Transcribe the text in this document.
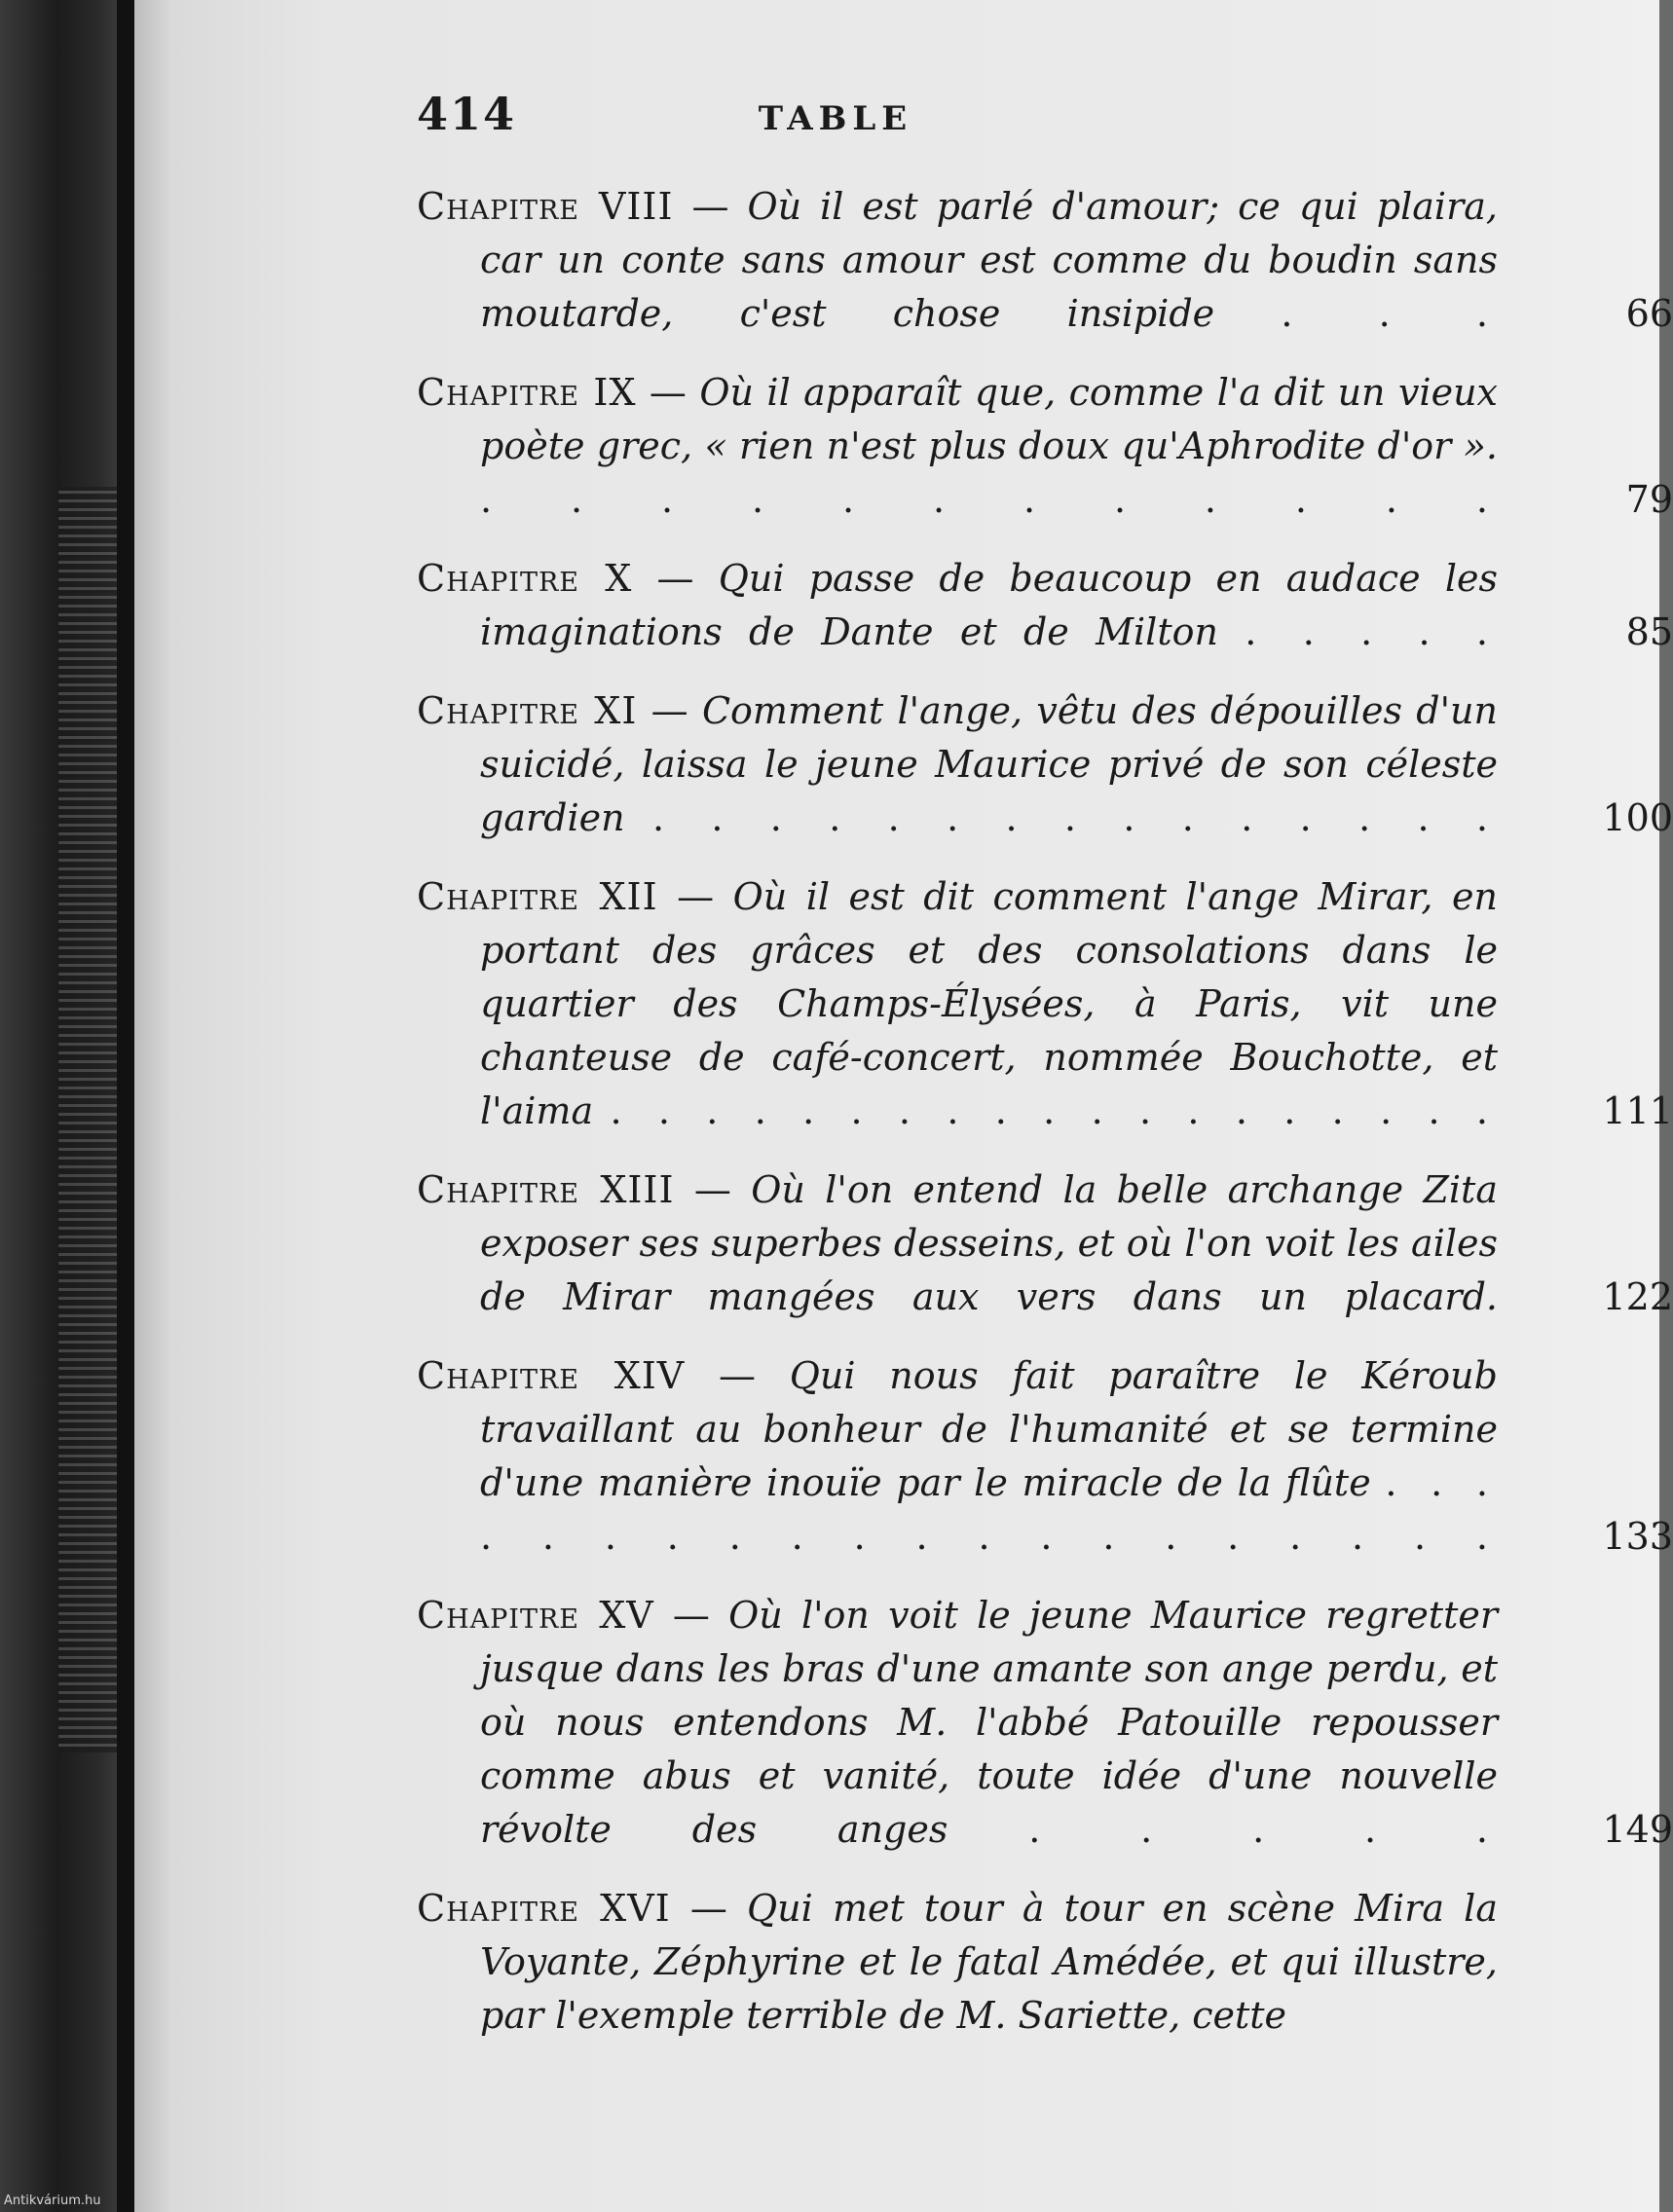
414	TABLE
Chapitre VIII — Où il est parlé d'amour; ce qui plaira, car un conte sans amour est comme du boudin sans moutarde, c'est chose insipide . . .	66
Chapitre IX — Où il apparaît que, comme l'a dit un vieux poète grec, « rien n'est plus doux qu'Aphrodite d'or ». . . . . . . . . . . . .	79
Chapitre X — Qui passe de beaucoup en audace les imaginations de Dante et de Milton . . . . .	85
Chapitre XI — Comment l'ange, vêtu des dépouilles d'un suicidé, laissa le jeune Maurice privé de son céleste gardien . . . . . . . . . . . . . . .	100
Chapitre XII — Où il est dit comment l'ange Mirar, en portant des grâces et des consolations dans le quartier des Champs-Élysées, à Paris, vit une chanteuse de café-concert, nommée Bouchotte, et l'aima . . . . . . . . . . . . . . . . . . .	111
Chapitre XIII — Où l'on entend la belle archange Zita exposer ses superbes desseins, et où l'on voit les ailes de Mirar mangées aux vers dans un placard.	122
Chapitre XIV — Qui nous fait paraître le Kéroub travaillant au bonheur de l'humanité et se termine d'une manière inouïe par le miracle de la flûte . . . . . . . . . . . . . . . . . . . .	133
Chapitre XV — Où l'on voit le jeune Maurice regretter jusque dans les bras d'une amante son ange perdu, et où nous entendons M. l'abbé Patouille repousser comme abus et vanité, toute idée d'une nouvelle révolte des anges . . . . .	149
Chapitre XVI — Qui met tour à tour en scène Mira la Voyante, Zéphyrine et le fatal Amédée, et qui illustre, par l'exemple terrible de M. Sariette, cette
Antikvárium.hu
